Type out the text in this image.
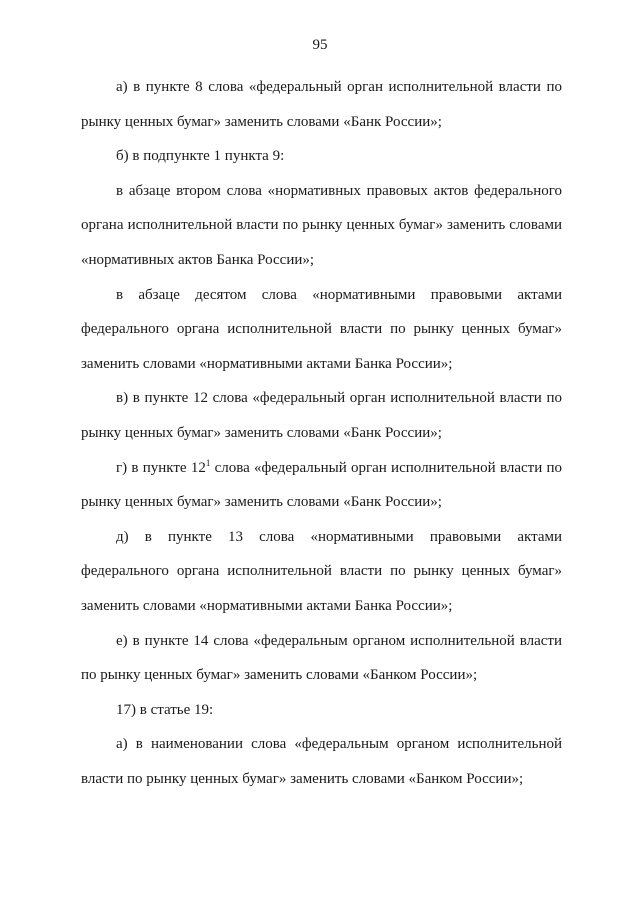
95

а) в пункте 8 слова «федеральный орган исполнительной власти по рынку ценных бумаг» заменить словами «Банк России»;

б) в подпункте 1 пункта 9:

в абзаце втором слова «нормативных правовых актов федерального органа исполнительной власти по рынку ценных бумаг» заменить словами «нормативных актов Банка России»;

в абзаце десятом слова «нормативными правовыми актами федерального органа исполнительной власти по рынку ценных бумаг» заменить словами «нормативными актами Банка России»;

в) в пункте 12 слова «федеральный орган исполнительной власти по рынку ценных бумаг» заменить словами «Банк России»;

г) в пункте $12^1$ слова «федеральный орган исполнительной власти по рынку ценных бумаг» заменить словами «Банк России»;

д) в пункте 13 слова «нормативными правовыми актами федерального органа исполнительной власти по рынку ценных бумаг» заменить словами «нормативными актами Банка России»;

е) в пункте 14 слова «федеральным органом исполнительной власти по рынку ценных бумаг» заменить словами «Банком России»;

17) в статье 19:

а) в наименовании слова «федеральным органом исполнительной власти по рынку ценных бумаг» заменить словами «Банком России»;
